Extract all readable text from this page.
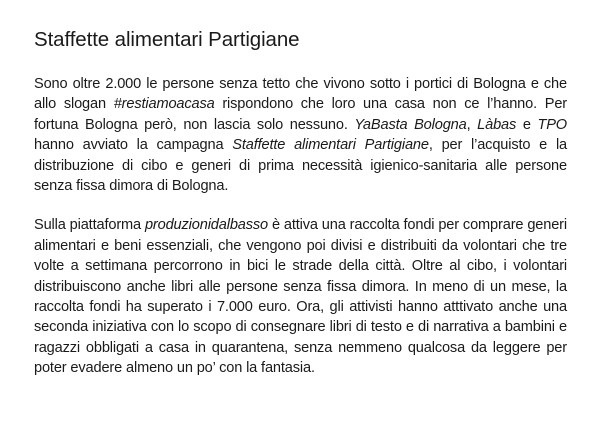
Staffette alimentari Partigiane

Sono oltre 2.000 le persone senza tetto che vivono sotto i portici di Bologna e che allo slogan #restiamoacasa rispondono che loro una casa non ce l’hanno. Per fortuna Bologna però, non lascia solo nessuno. YaBasta Bologna, Làbas e TPO hanno avviato la campagna Staffette alimentari Partigiane, per l’acquisto e la distribuzione di cibo e generi di prima necessità igienico-sanitaria alle persone senza fissa dimora di Bologna.

Sulla piattaforma produzionidalbasso è attiva una raccolta fondi per comprare generi alimentari e beni essenziali, che vengono poi divisi e distribuiti da volontari che tre volte a settimana percorrono in bici le strade della città. Oltre al cibo, i volontari distribuiscono anche libri alle persone senza fissa dimora. In meno di un mese, la raccolta fondi ha superato i 7.000 euro. Ora, gli attivisti hanno atttivato anche una seconda iniziativa con lo scopo di consegnare libri di testo e di narrativa a bambini e ragazzi obbligati a casa in quarantena, senza nemmeno qualcosa da leggere per poter evadere almeno un po’ con la fantasia.
